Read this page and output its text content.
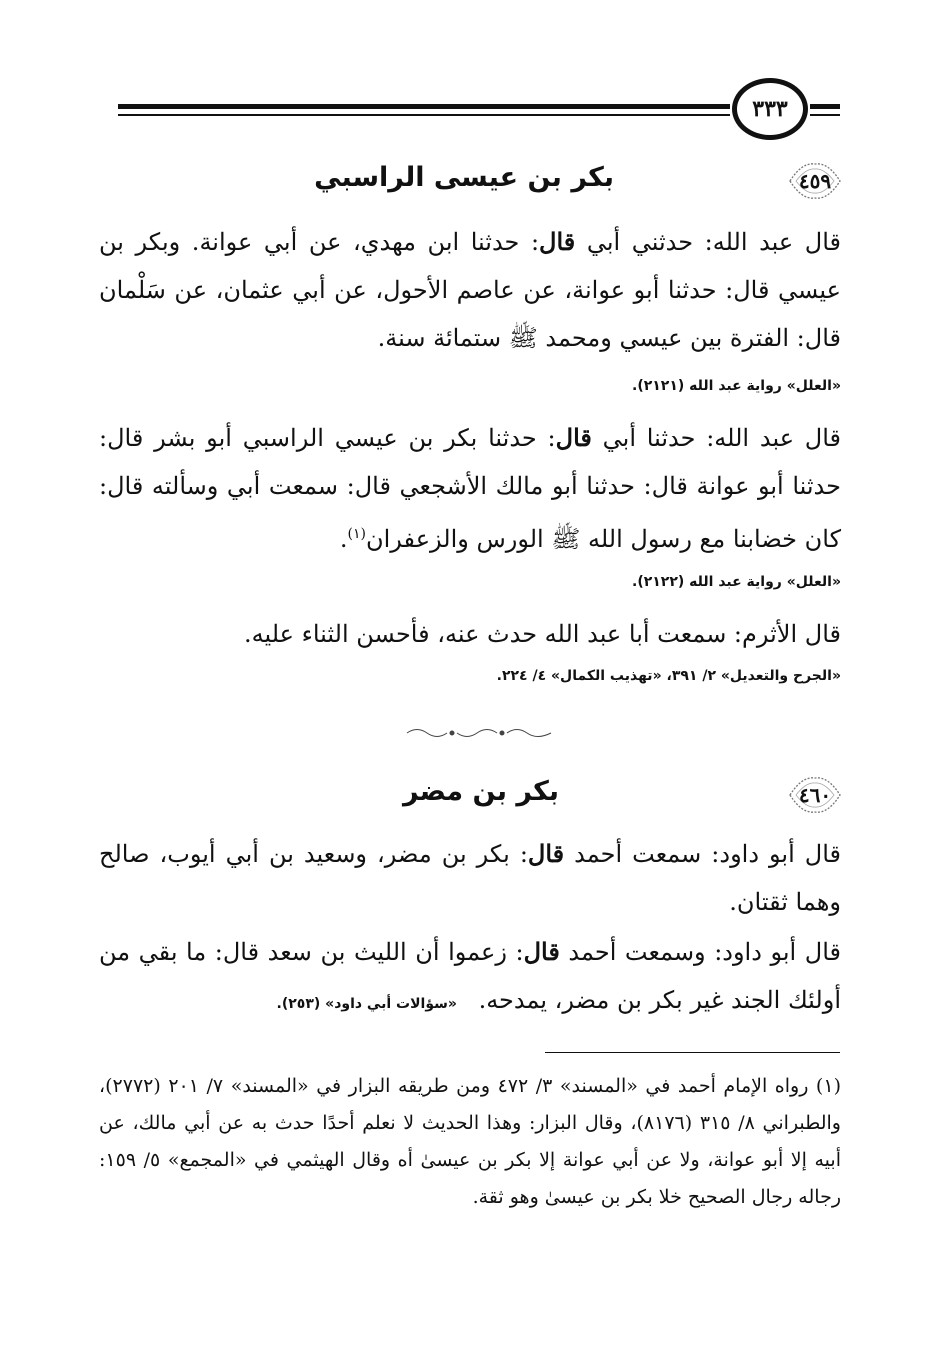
٣٣٣
٤٥٩
بكر بن عيسى الراسبي
قال عبد الله: حدثني أبي قال: حدثنا ابن مهدي، عن أبي عوانة. وبكر بن عيسي قال: حدثنا أبو عوانة، عن عاصم الأحول، عن أبي عثمان، عن سَلْمان قال: الفترة بين عيسي ومحمد ﷺ ستمائة سنة.
«العلل» رواية عبد الله (٢١٢١).
قال عبد الله: حدثنا أبي قال: حدثنا بكر بن عيسي الراسبي أبو بشر قال: حدثنا أبو عوانة قال: حدثنا أبو مالك الأشجعي قال: سمعت أبي وسألته قال: كان خضابنا مع رسول الله ﷺ الورس والزعفران$^{(١)}$.
«العلل» رواية عبد الله (٢١٢٢).
قال الأثرم: سمعت أبا عبد الله حدث عنه، فأحسن الثناء عليه.
«الجرح والتعديل» ٢/ ٣٩١، «تهذيب الكمال» ٤/ ٢٢٤.
٤٦٠
بكر بن مضر
قال أبو داود: سمعت أحمد قال: بكر بن مضر، وسعيد بن أبي أيوب، صالح وهما ثقتان.
قال أبو داود: وسمعت أحمد قال: زعموا أن الليث بن سعد قال: ما بقي من أولئك الجند غير بكر بن مضر، يمدحه. «سؤالات أبي داود» (٢٥٣).
(١) رواه الإمام أحمد في «المسند» ٣/ ٤٧٢ ومن طريقه البزار في «المسند» ٧/ ٢٠١ (٢٧٧٢)، والطبراني ٨/ ٣١٥ (٨١٧٦)، وقال البزار: وهذا الحديث لا نعلم أحدًا حدث به عن أبي مالك، عن أبيه إلا أبو عوانة، ولا عن أبي عوانة إلا بكر بن عيسىٰ أه وقال الهيثمي في «المجمع» ٥/ ١٥٩: رجاله رجال الصحيح خلا بكر بن عيسىٰ وهو ثقة.
